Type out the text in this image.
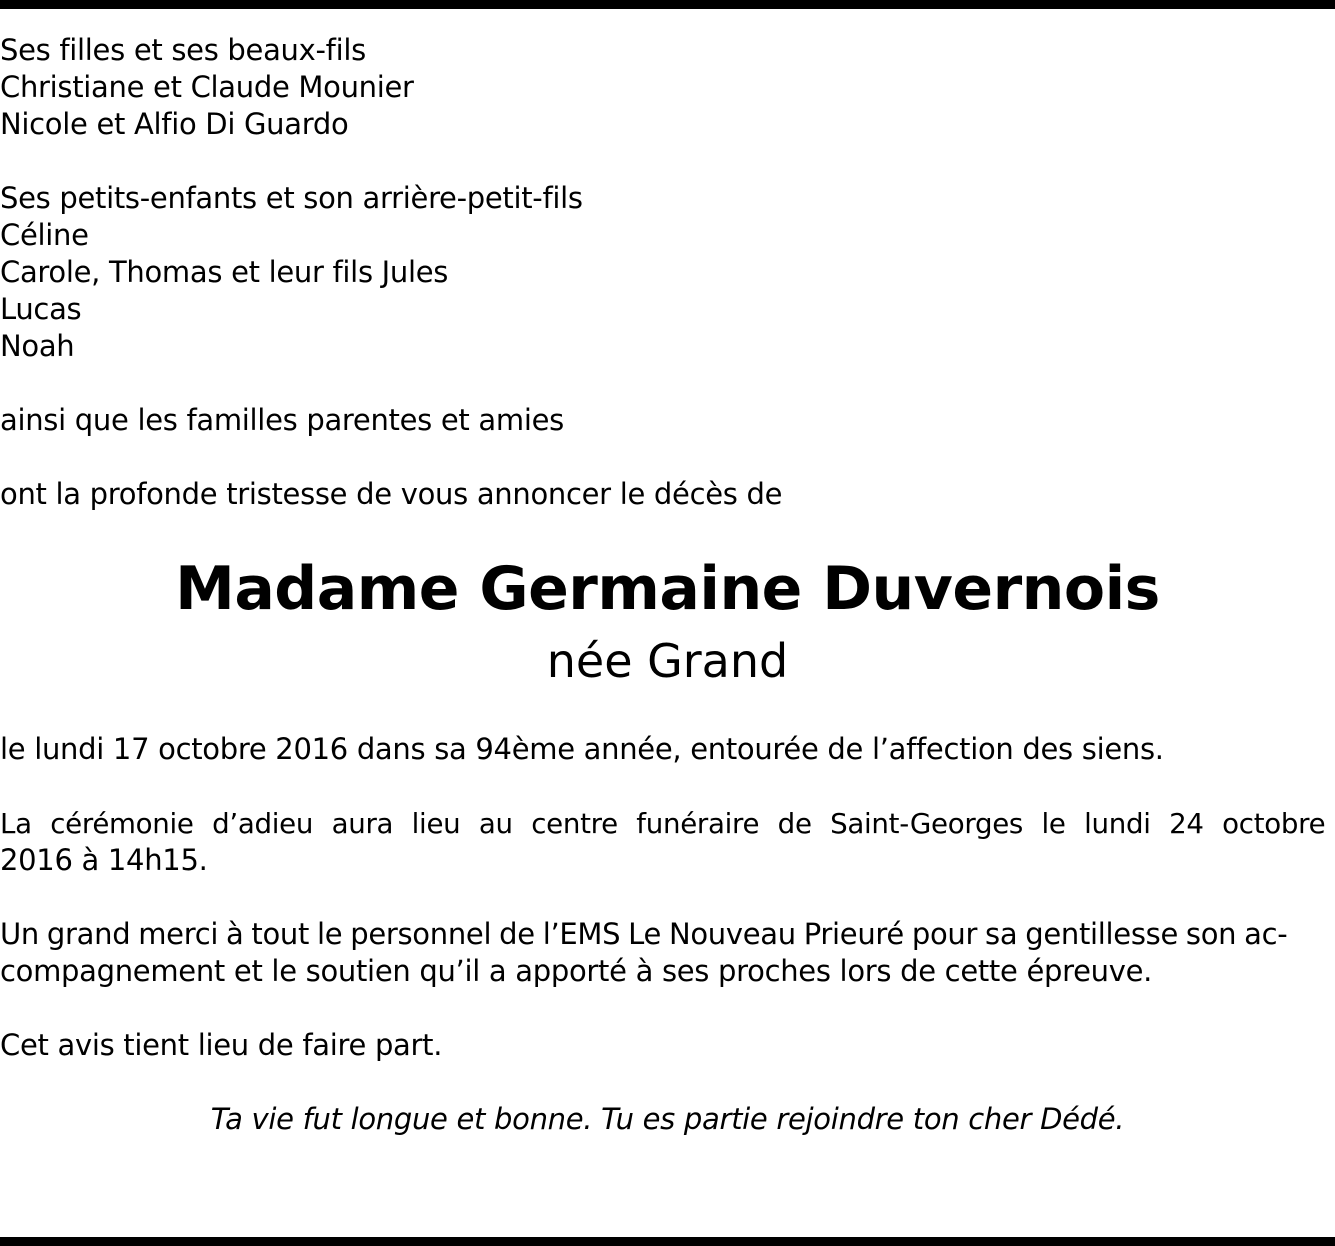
Ses filles et ses beaux-fils
Christiane et Claude Mounier
Nicole et Alfio Di Guardo
Ses petits-enfants et son arrière-petit-fils
Céline
Carole, Thomas et leur fils Jules
Lucas
Noah
ainsi que les familles parentes et amies
ont la profonde tristesse de vous annoncer le décès de
Madame Germaine Duvernois
née Grand
le lundi 17 octobre 2016 dans sa 94ème année, entourée de l’affection des siens.
La cérémonie d’adieu aura lieu au centre funéraire de Saint-Georges le lundi 24 octobre
2016 à 14h15.
Un grand merci à tout le personnel de l’EMS Le Nouveau Prieuré pour sa gentillesse son ac-
compagnement et le soutien qu’il a apporté à ses proches lors de cette épreuve.
Cet avis tient lieu de faire part.
Ta vie fut longue et bonne. Tu es partie rejoindre ton cher Dédé.
